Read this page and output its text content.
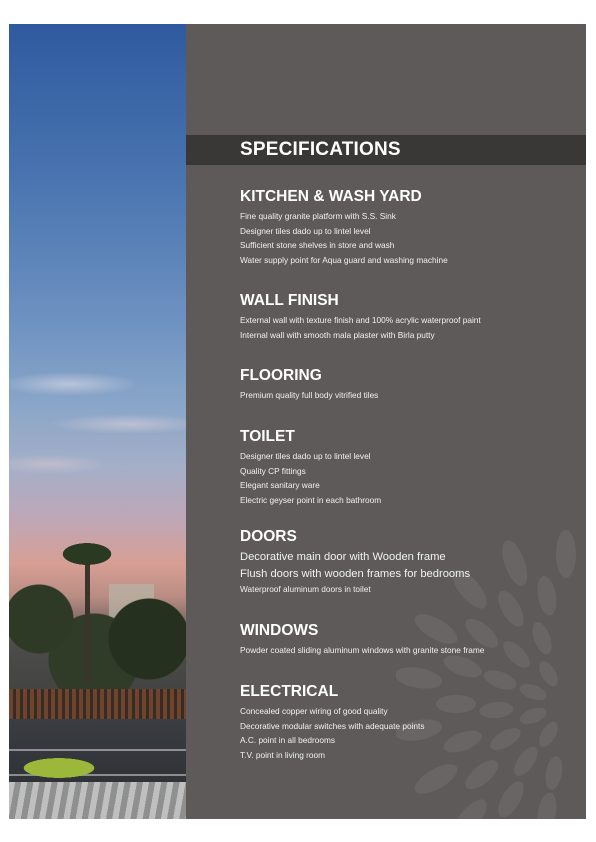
SPECIFICATIONS
KITCHEN & WASH YARD
Fine quality granite platform with S.S. Sink
Designer tiles dado up to lintel level
Sufficient stone shelves in store and wash
Water supply point for Aqua guard and washing machine
WALL FINISH
External wall with texture finish and 100% acrylic waterproof paint
Internal wall with smooth mala plaster with Birla putty
FLOORING
Premium quality full body vitrified tiles
TOILET
Designer tiles dado up to lintel level
Quality CP fittings
Elegant sanitary ware
Electric geyser point in each bathroom
DOORS
Decorative main door with Wooden frame
Flush doors with wooden frames for bedrooms
Waterproof aluminum doors in toilet
WINDOWS
Powder coated sliding aluminum windows with granite stone frame
ELECTRICAL
Concealed copper wiring of good quality
Decorative modular switches with adequate points
A.C. point in all bedrooms
T.V. point in living room
